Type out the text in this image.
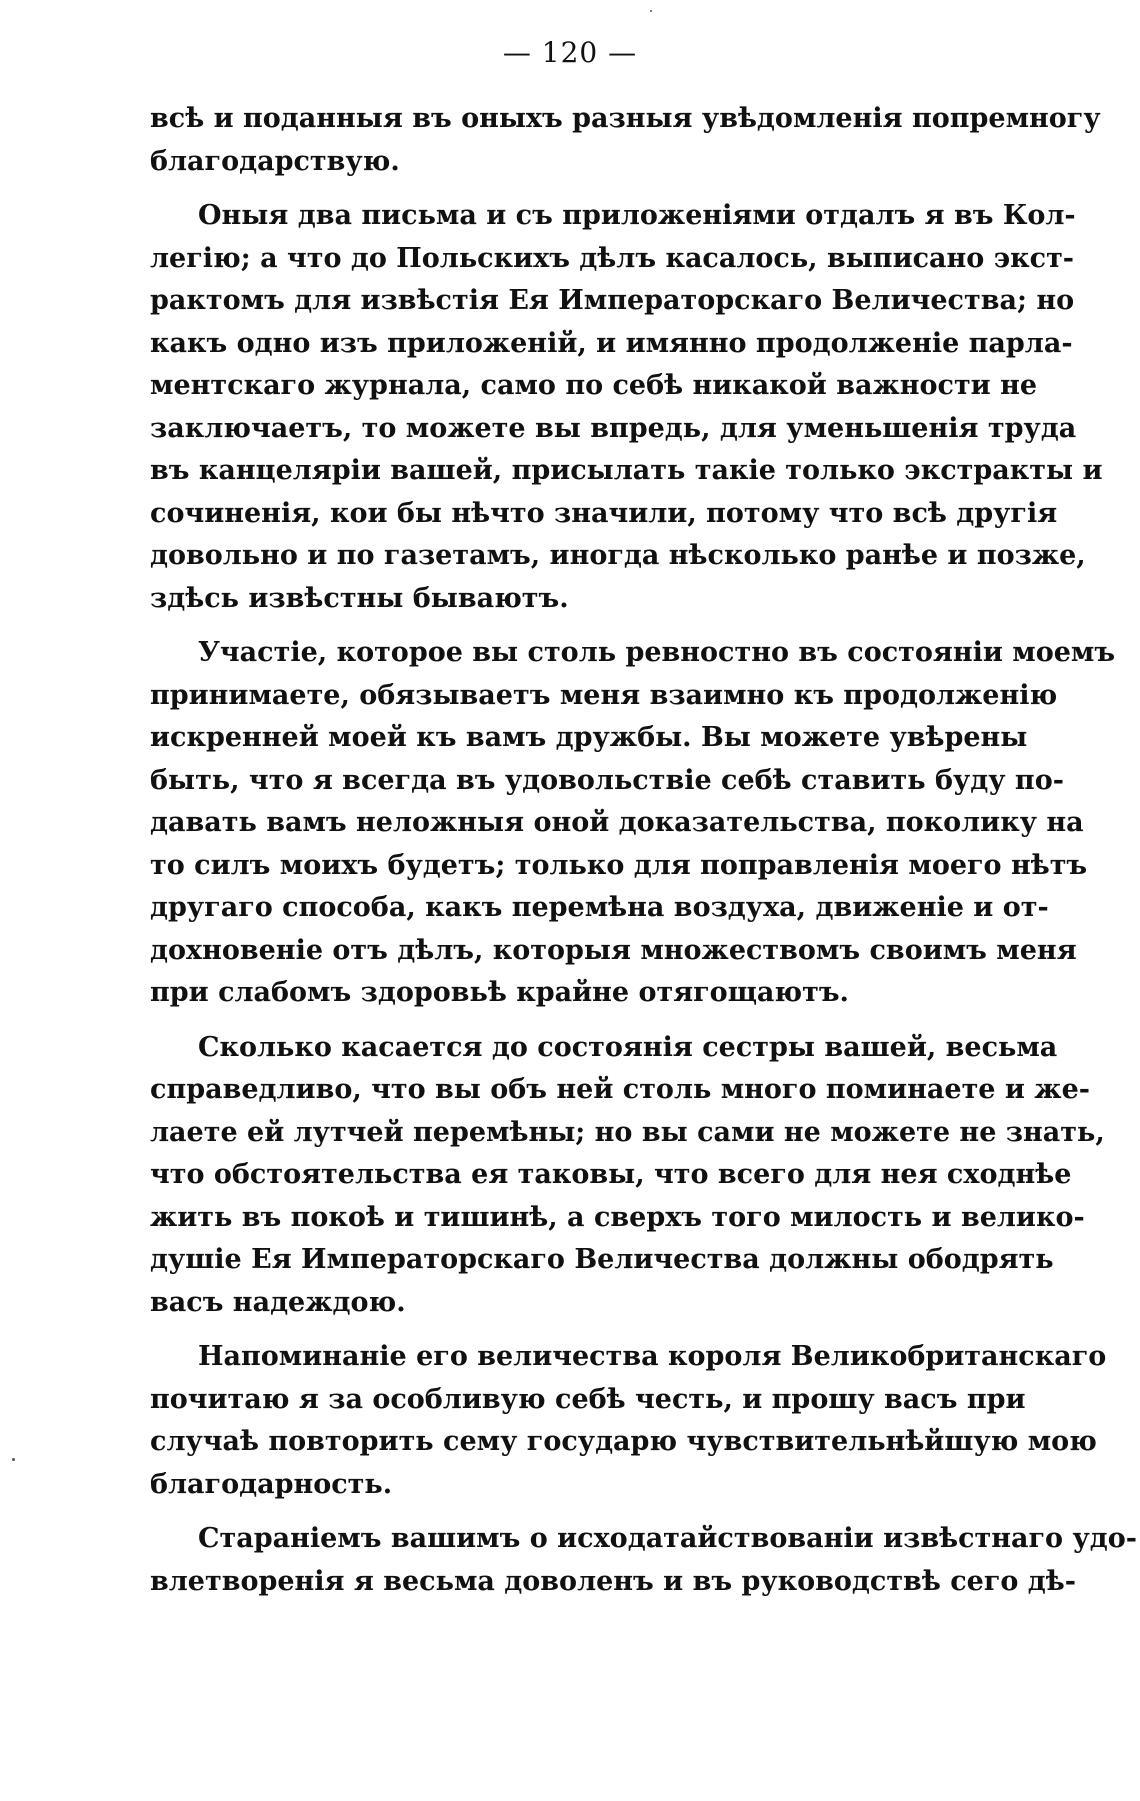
— 120 —
всѣ и поданныя въ оныхъ разныя увѣдомленія попремногу
благодарствую.
Оныя два письма и съ приложеніями отдалъ я въ Кол-
легію; а что до Польскихъ дѣлъ касалось, выписано экст-
рактомъ для извѣстія Ея Императорскаго Величества; но
какъ одно изъ приложеній, и имянно продолженіе парла-
ментскаго журнала, само по себѣ никакой важности не
заключаетъ, то можете вы впредь, для уменьшенія труда
въ канцеляріи вашей, присылать такіе только экстракты и
сочиненія, кои бы нѣчто значили, потому что всѣ другія
довольно и по газетамъ, иногда нѣсколько ранѣе и позже,
здѣсь извѣстны бываютъ.
Участіе, которое вы столь ревностно въ состояніи моемъ
принимаете, обязываетъ меня взаимно къ продолженію
искренней моей къ вамъ дружбы. Вы можете увѣрены
быть, что я всегда въ удовольствіе себѣ ставить буду по-
давать вамъ неложныя оной доказательства, поколику на
то силъ моихъ будетъ; только для поправленія моего нѣтъ
другаго способа, какъ перемѣна воздуха, движеніе и от-
дохновеніе отъ дѣлъ, которыя множествомъ своимъ меня
при слабомъ здоровьѣ крайне отягощаютъ.
Сколько касается до состоянія сестры вашей, весьма
справедливо, что вы объ ней столь много поминаете и же-
лаете ей лутчей перемѣны; но вы сами не можете не знать,
что обстоятельства ея таковы, что всего для нея сходнѣе
жить въ покоѣ и тишинѣ, а сверхъ того милость и велико-
душіе Ея Императорскаго Величества должны ободрять
васъ надеждою.
Напоминаніе его величества короля Великобританскаго
почитаю я за особливую себѣ честь, и прошу васъ при
случаѣ повторить сему государю чувствительнѣйшую мою
благодарность.
Стараніемъ вашимъ о исходатайствованіи извѣстнаго удо-
влетворенія я весьма доволенъ и въ руководствѣ сего дѣ-
